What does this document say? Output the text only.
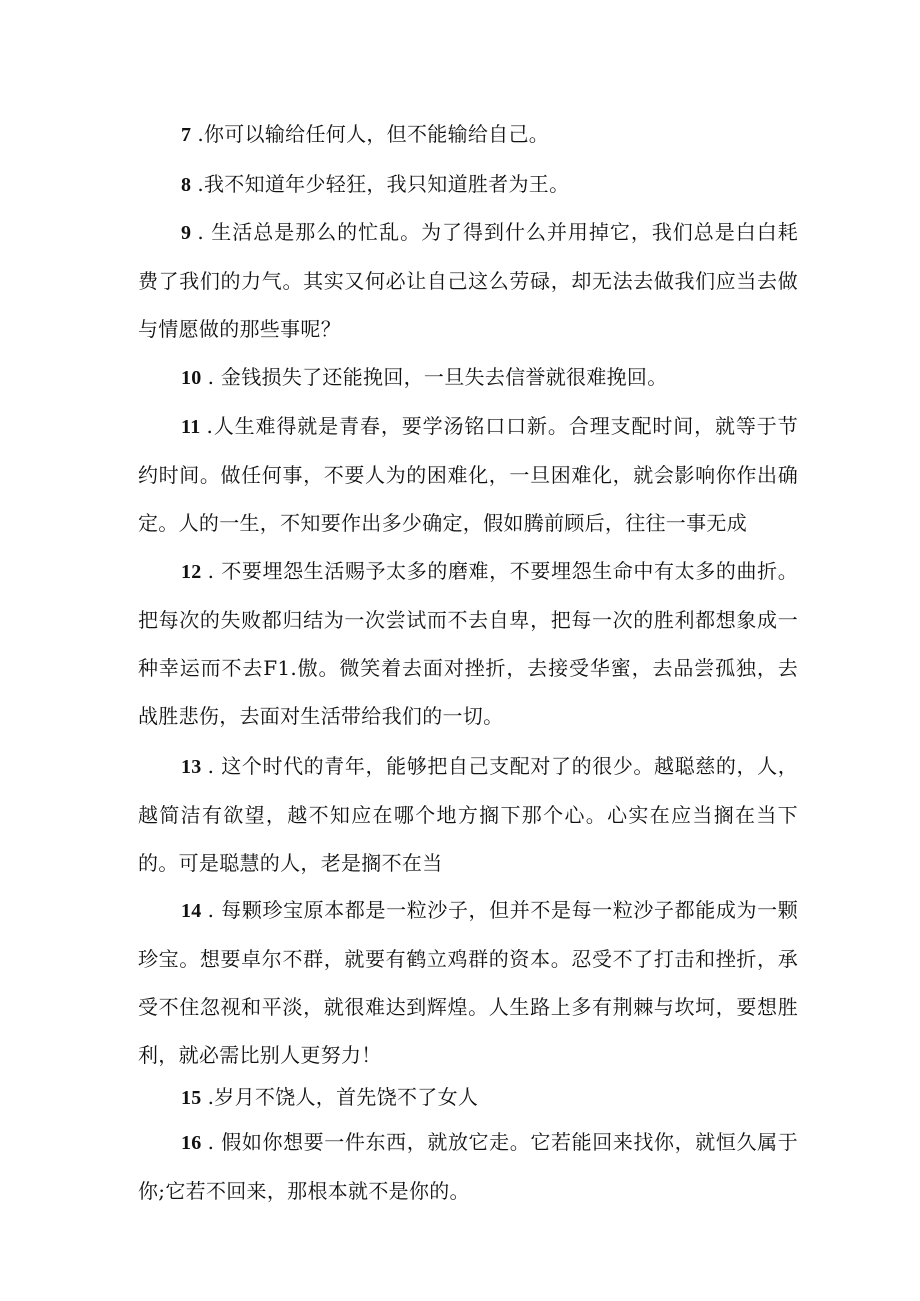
7 .你可以输给任何人，但不能输给自己。

8 .我不知道年少轻狂，我只知道胜者为王。

9 . 生活总是那么的忙乱。为了得到什么并用掉它，我们总是白白耗费了我们的力气。其实又何必让自己这么劳碌，却无法去做我们应当去做与情愿做的那些事呢？

10 . 金钱损失了还能挽回，一旦失去信誉就很难挽回。

11 .人生难得就是青春，要学汤铭口口新。合理支配时间，就等于节约时间。做任何事，不要人为的困难化，一旦困难化，就会影响你作出确定。人的一生，不知要作出多少确定，假如腾前顾后，往往一事无成

12 . 不要埋怨生活赐予太多的磨难，不要埋怨生命中有太多的曲折。把每次的失败都归结为一次尝试而不去自卑，把每一次的胜利都想象成一种幸运而不去F1.傲。微笑着去面对挫折，去接受华蜜，去品尝孤独，去战胜悲伤，去面对生活带给我们的一切。

13 . 这个时代的青年，能够把自己支配对了的很少。越聪慈的，人，越简洁有欲望，越不知应在哪个地方搁下那个心。心实在应当搁在当下的。可是聪慧的人，老是搁不在当

14 . 每颗珍宝原本都是一粒沙子，但并不是每一粒沙子都能成为一颗珍宝。想要卓尔不群，就要有鹤立鸡群的资本。忍受不了打击和挫折，承受不住忽视和平淡，就很难达到辉煌。人生路上多有荆棘与坎坷，要想胜利，就必需比别人更努力！

15 .岁月不饶人，首先饶不了女人

16 . 假如你想要一件东西，就放它走。它若能回来找你，就恒久属于你;它若不回来，那根本就不是你的。
